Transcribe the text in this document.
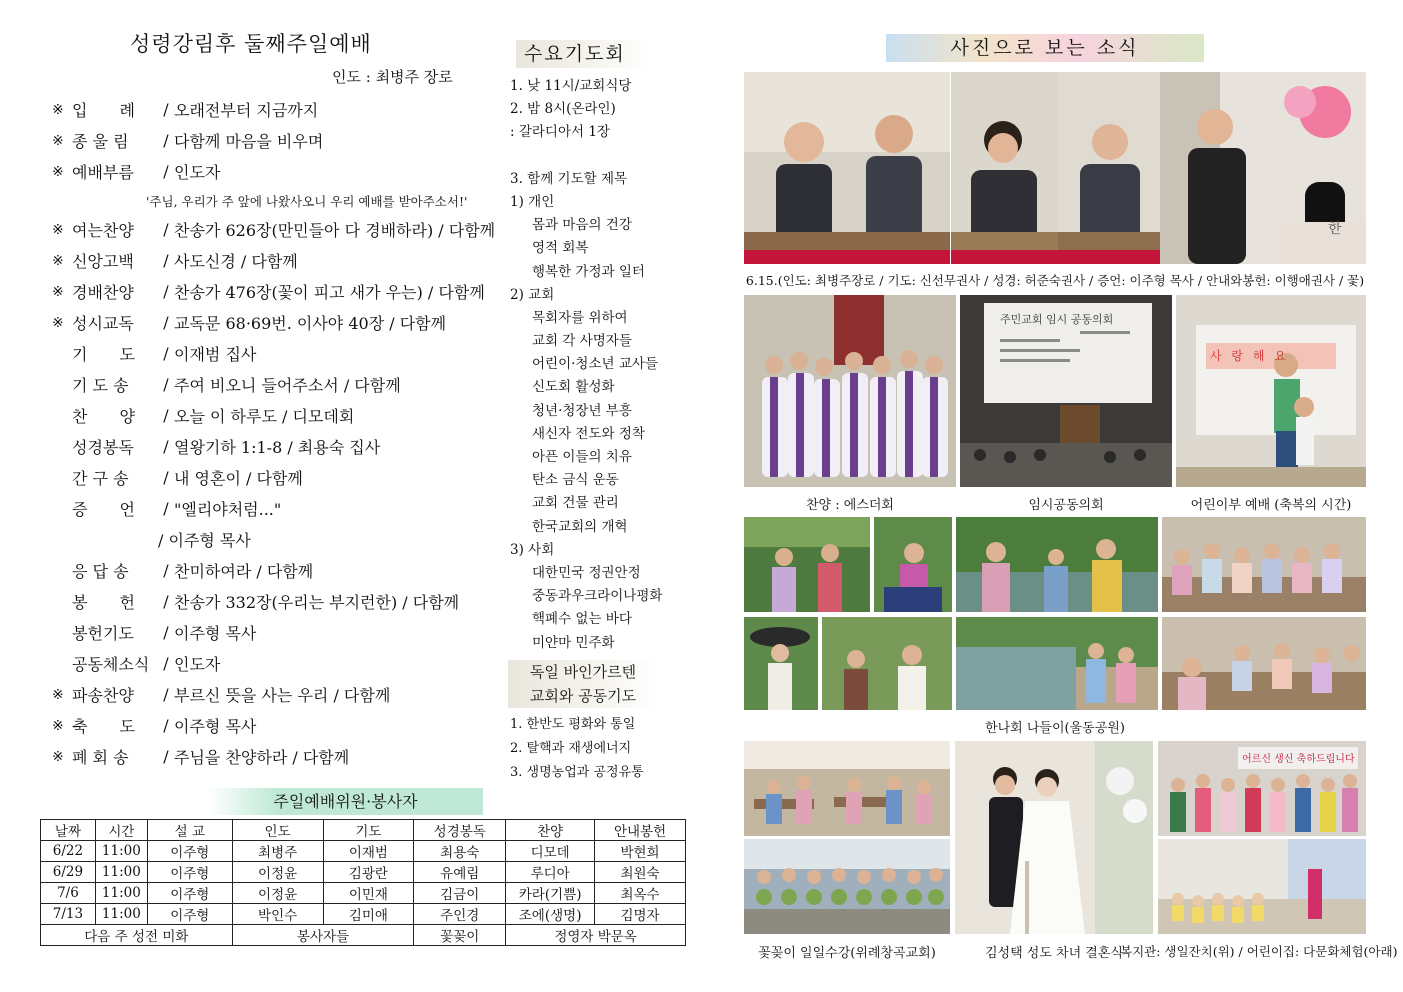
성령강림후 둘째주일예배
인도 : 최병주 장로
※ 입　　례	/ 오래전부터 지금까지
※ 종 울 림	/ 다함께 마음을 비우며
※ 예배부름	/ 인도자
'주님, 우리가 주 앞에 나왔사오니 우리 예배를 받아주소서!'
※ 여는찬양	/ 찬송가 626장(만민들아 다 경배하라) / 다함께
※ 신앙고백	/ 사도신경 / 다함께
※ 경배찬양	/ 찬송가 476장(꽃이 피고 새가 우는) / 다함께
※ 성시교독	/ 교독문 68·69번. 이사야 40장 / 다함께
기　　도	/ 이재범 집사
기 도 송	/ 주여 비오니 들어주소서 / 다함께
찬　　양	/ 오늘 이 하루도 / 디모데회
성경봉독	/ 열왕기하 1:1-8 / 최용숙 집사
간 구 송	/ 내 영혼이 / 다함께
증　　언	/ "엘리야처럼..."
/ 이주형 목사
응 답 송	/ 찬미하여라 / 다함께
봉　　헌	/ 찬송가 332장(우리는 부지런한) / 다함께
봉헌기도	/ 이주형 목사
공동체소식 / 인도자
※ 파송찬양	/ 부르신 뜻을 사는 우리 / 다함께
※ 축　　도	/ 이주형 목사
※ 폐 회 송	/ 주님을 찬양하라 / 다함께
주일예배위원·봉사자
날짜	시간	설 교	인도	기도	성경봉독	찬양	안내봉헌
6/22	11:00	이주형	최병주	이재범	최용숙	디모데	박현희
6/29	11:00	이주형	이정윤	김광란	유예림	루디아	최원숙
7/6	11:00	이주형	이정윤	이민재	김금이	카라(기쁨)	최옥수
7/13	11:00	이주형	박인수	김미애	주인경	조에(생명)	김명자
다음 주 성전 미화			봉사자들		꽃꽂이	정영자 박문옥	
수요기도회
1. 낮 11시/교회식당
2. 밤 8시(온라인)
: 갈라디아서 1장
3. 함께 기도할 제목
1) 개인
몸과 마음의 건강
영적 회복
행복한 가정과 일터
2) 교회
목회자를 위하여
교회 각 사명자들
어린이·청소년 교사들
신도회 활성화
청년·청장년 부흥
새신자 전도와 정착
아픈 이들의 치유
탄소 금식 운동
교회 건물 관리
한국교회의 개혁
3) 사회
대한민국 정권안정
중동과우크라이나평화
핵폐수 없는 바다
미얀마 민주화
독일 바인가르텐
교회와 공동기도
1. 한반도 평화와 통일
2. 탈핵과 재생에너지
3. 생명농업과 공정유통
사진으로 보는 소식
한
6.15.(인도: 최병주장로 / 기도: 신선무권사 / 성경: 허준숙권사 / 증언: 이주형 목사 / 안내와봉헌: 이행애권사 / 꽃)
찬양 : 에스더회
주민교회 임시 공동의회
임시공동의회
사 랑 해 요
어린이부 예배 (축복의 시간)
한나회 나들이(울동공원)
꽃꽂이 일일수강(위례창곡교회)	김성택 성도 차녀 결혼식
어르신 생신 축하드립니다
복지관: 생일잔치(위) / 어린이집: 다문화체험(아래)
